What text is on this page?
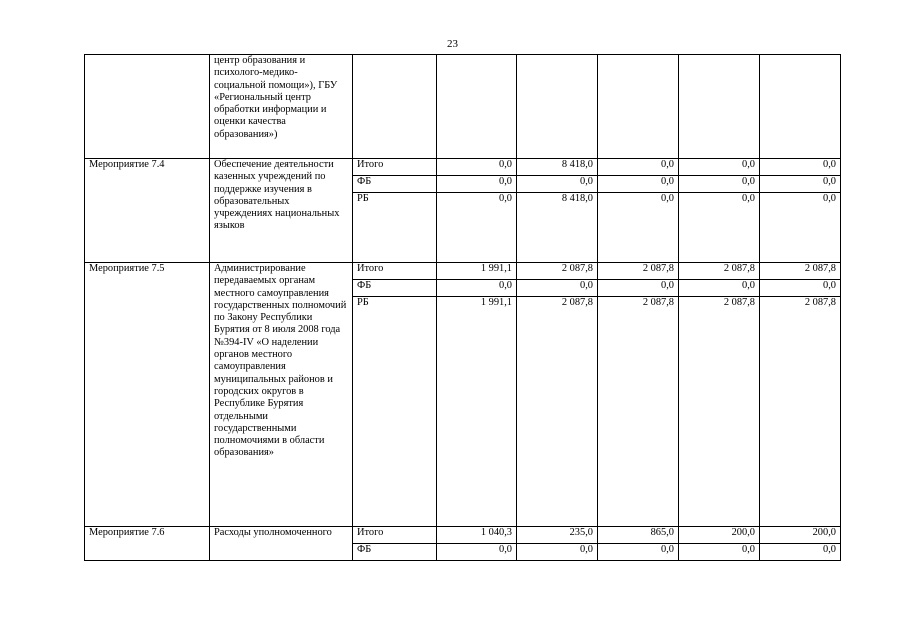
23
	центр образования и психолого-медико-социальной помощи»), ГБУ «Региональный центр обработки информации и оценки качества образования»)						
Мероприятие 7.4	Обеспечение деятельности казенных учреждений по поддержке изучения в образовательных учреждениях национальных языков	Итого	0,0	8 418,0	0,0	0,0	0,0
		ФБ	0,0	0,0	0,0	0,0	0,0
		РБ	0,0	8 418,0	0,0	0,0	0,0
Мероприятие 7.5	Администрирование передаваемых органам местного самоуправления государственных полномочий по Закону Республики Бурятия от 8 июля 2008 года №394-IV «О наделении органов местного самоуправления муниципальных районов и городских округов в Республике Бурятия отдельными государственными полномочиями в области образования»	Итого	1 991,1	2 087,8	2 087,8	2 087,8	2 087,8
		ФБ	0,0	0,0	0,0	0,0	0,0
		РБ	1 991,1	2 087,8	2 087,8	2 087,8	2 087,8
Мероприятие 7.6	Расходы уполномоченного	Итого	1 040,3	235,0	865,0	200,0	200,0
		ФБ	0,0	0,0	0,0	0,0	0,0
